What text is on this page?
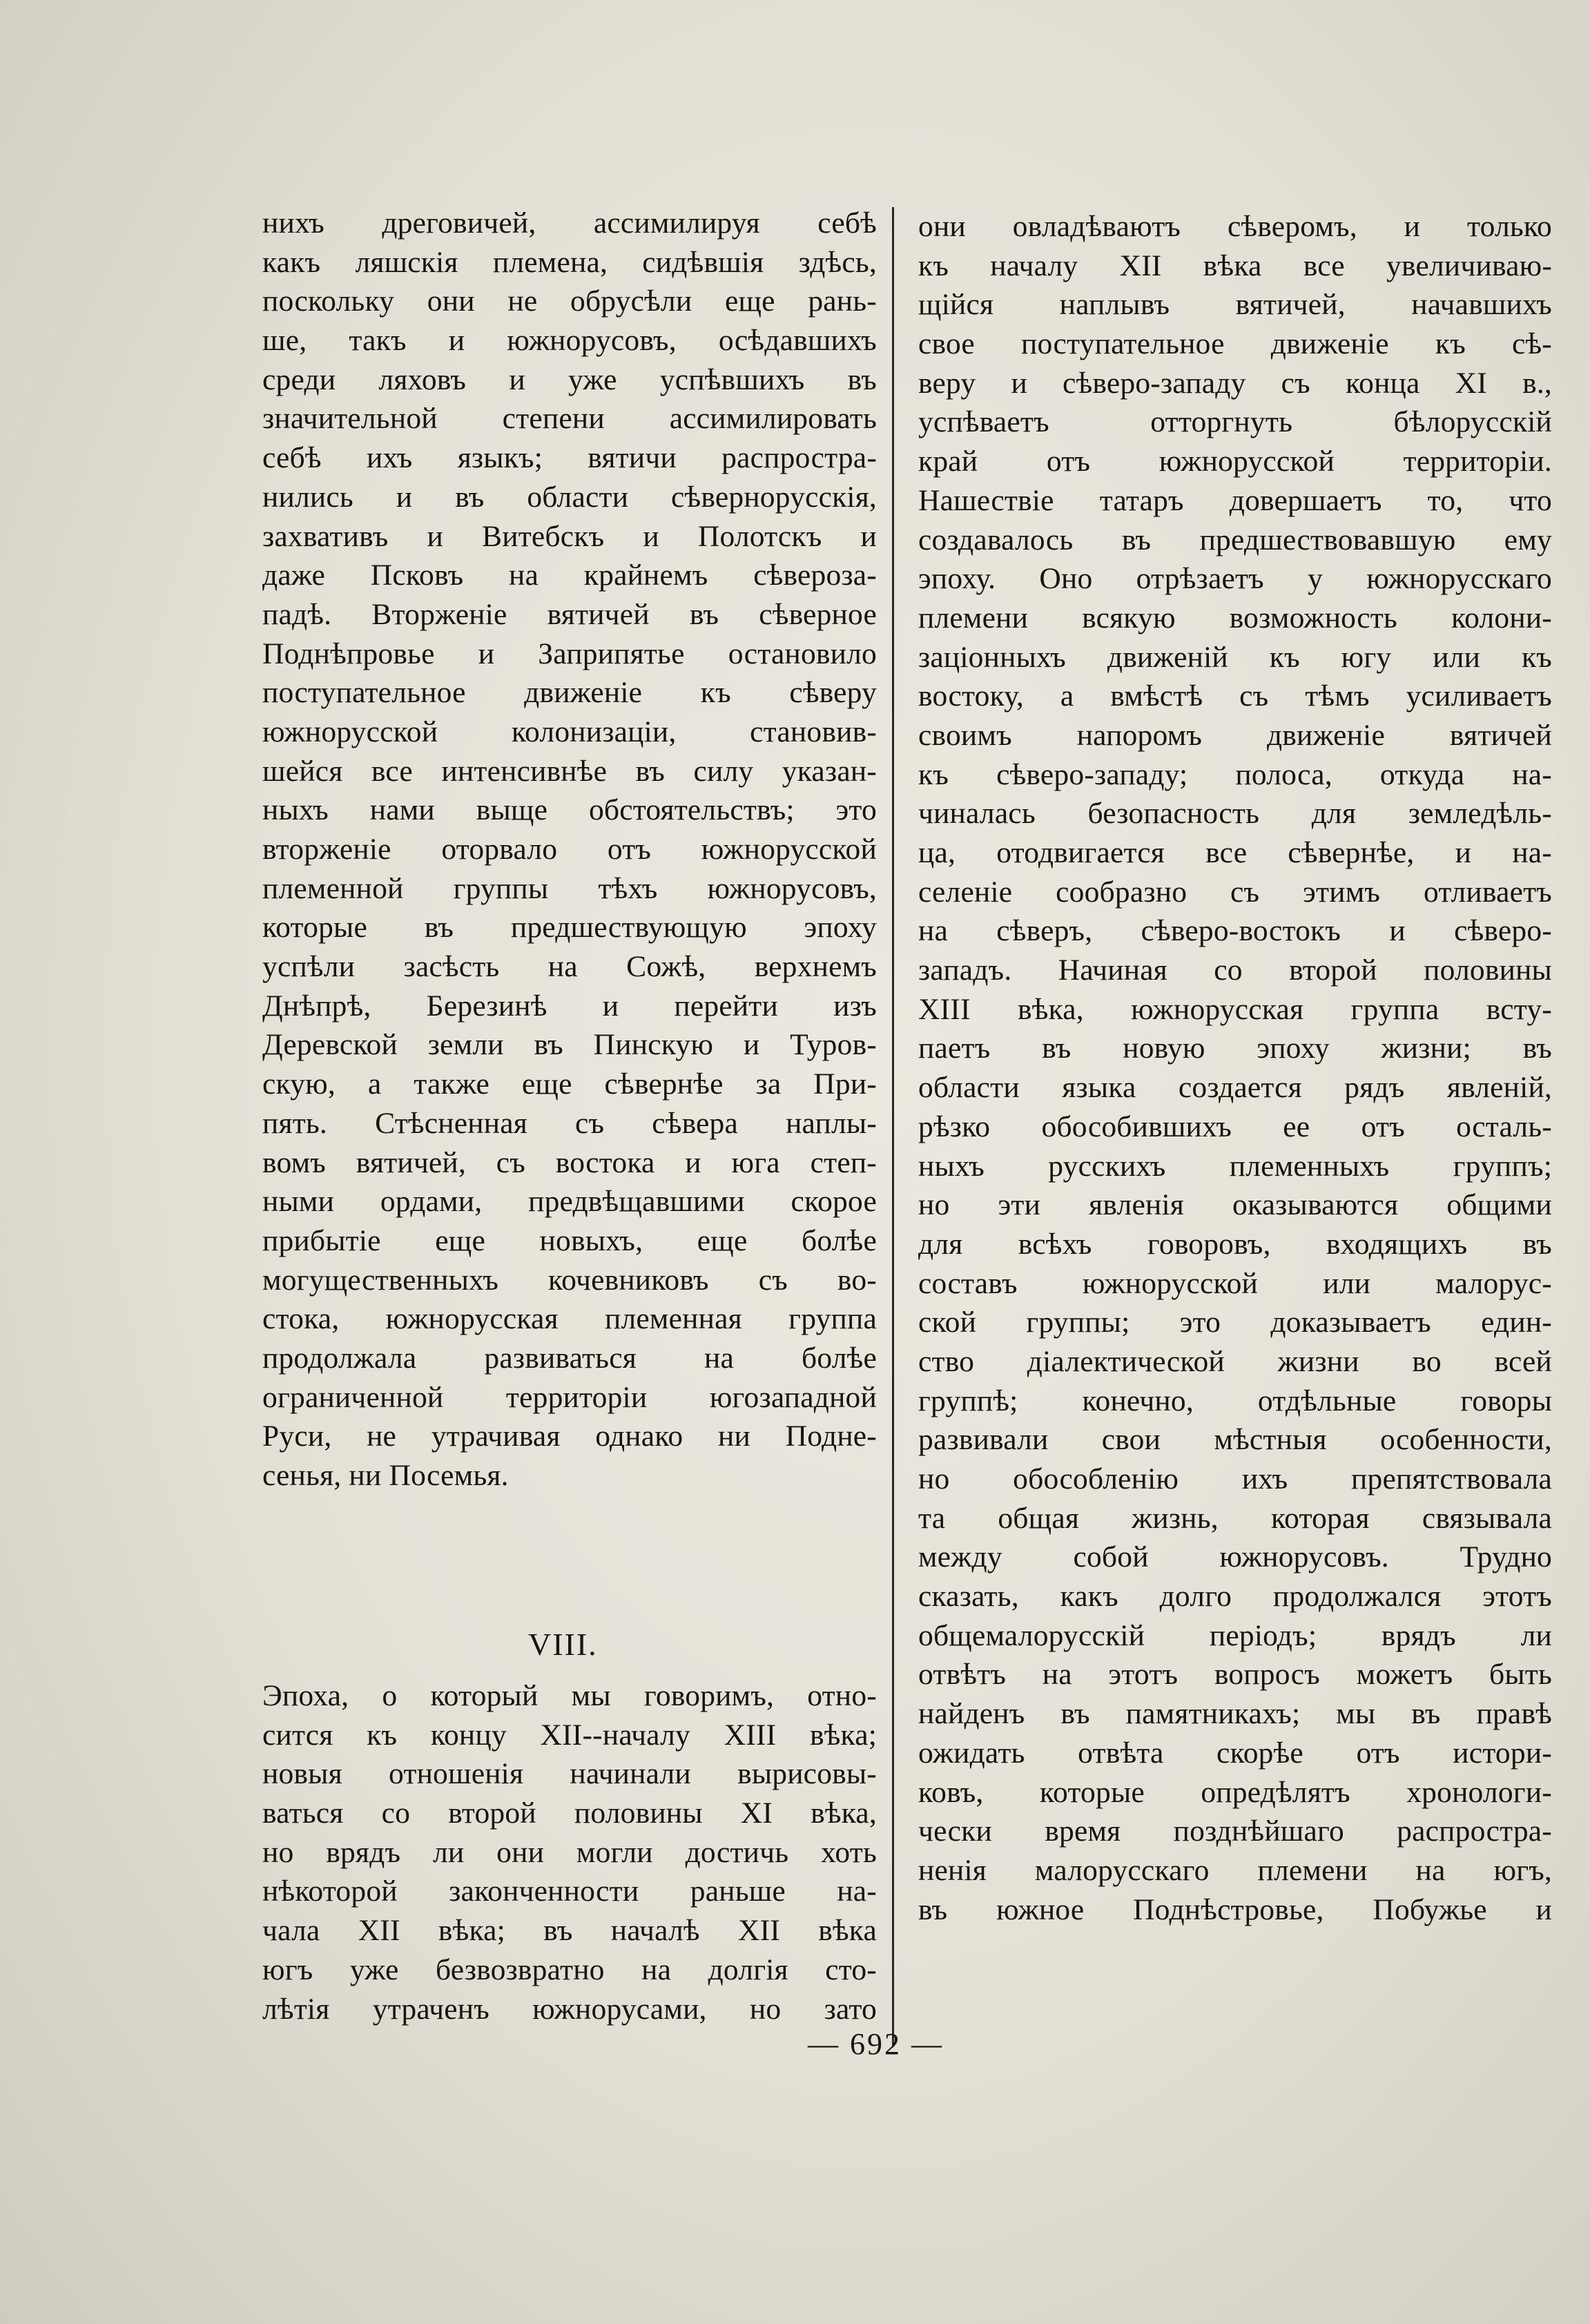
нихъ дреговичей, ассимилируя себѣ
какъ ляшскія племена, сидѣвшія здѣсь,
поскольку они не обрусѣли еще рань-
ше, такъ и южнорусовъ, осѣдавшихъ
среди ляховъ и уже успѣвшихъ въ
значительной степени ассимилировать
себѣ ихъ языкъ; вятичи распростра-
нились и въ области сѣвернорусскія,
захвативъ и Витебскъ и Полотскъ и
даже Псковъ на крайнемъ сѣвероза-
падѣ. Вторженіе вятичей въ сѣверное
Поднѣпровье и Заприпятье остановило
поступательное движеніе къ сѣверу
южнорусской колонизаціи, становив-
шейся все интенсивнѣе въ силу указан-
ныхъ нами выще обстоятельствъ; это
вторженіе оторвало отъ южнорусской
племенной группы тѣхъ южнорусовъ,
которые въ предшествующую эпоху
успѣли засѣсть на Сожѣ, верхнемъ
Днѣпрѣ, Березинѣ и перейти изъ
Деревской земли въ Пинскую и Туров-
скую, а также еще сѣвернѣе за При-
пять. Стѣсненная съ сѣвера наплы-
вомъ вятичей, съ востока и юга степ-
ными ордами, предвѣщавшими скорое
прибытіе еще новыхъ, еще болѣе
могущественныхъ кочевниковъ съ во-
стока, южнорусская племенная группа
продолжала развиваться на болѣе
ограниченной территоріи югозападной
Руси, не утрачивая однако ни Подне-
сенья, ни Посемья.
VIII.
Эпоха, о который мы говоримъ, отно-
сится къ концу XII--началу XIII вѣка;
новыя отношенія начинали вырисовы-
ваться со второй половины XI вѣка,
но врядъ ли они могли достичь хоть
нѣкоторой законченности раньше на-
чала XII вѣка; въ началѣ XII вѣка
югъ уже безвозвратно на долгія сто-
лѣтія утраченъ южнорусами, но зато
они овладѣваютъ сѣверомъ, и только
къ началу XII вѣка все увеличиваю-
щійся наплывъ вятичей, начавшихъ
свое поступательное движеніе къ сѣ-
веру и сѣверо-западу съ конца XI в.,
успѣваетъ отторгнуть бѣлорусскій
край отъ южнорусской территоріи.
Нашествіе татаръ довершаетъ то, что
создавалось въ предшествовавшую ему
эпоху. Оно отрѣзаетъ у южнорусскаго
племени всякую возможность колони-
заціонныхъ движеній къ югу или къ
востоку, а вмѣстѣ съ тѣмъ усиливаетъ
своимъ напоромъ движеніе вятичей
къ сѣверо-западу; полоса, откуда на-
чиналась безопасность для земледѣль-
ца, отодвигается все сѣвернѣе, и на-
селеніе сообразно съ этимъ отливаетъ
на сѣверъ, сѣверо-востокъ и сѣверо-
западъ. Начиная со второй половины
XIII вѣка, южнорусская группа всту-
паетъ въ новую эпоху жизни; въ
области языка создается рядъ явленій,
рѣзко обособившихъ ее отъ осталь-
ныхъ русскихъ племенныхъ группъ;
но эти явленія оказываются общими
для всѣхъ говоровъ, входящихъ въ
составъ южнорусской или малорус-
ской группы; это доказываетъ един-
ство діалектической жизни во всей
группѣ; конечно, отдѣльные говоры
развивали свои мѣстныя особенности,
но обособленію ихъ препятствовала
та общая жизнь, которая связывала
между собой южнорусовъ. Трудно
сказать, какъ долго продолжался этотъ
общемалорусскій періодъ; врядъ ли
отвѣтъ на этотъ вопросъ можетъ быть
найденъ въ памятникахъ; мы въ правѣ
ожидать отвѣта скорѣе отъ истори-
ковъ, которые опредѣлятъ хронологи-
чески время позднѣйшаго распростра-
ненія малорусскаго племени на югъ,
въ южное Поднѣстровье, Побужье и
— 692 —
